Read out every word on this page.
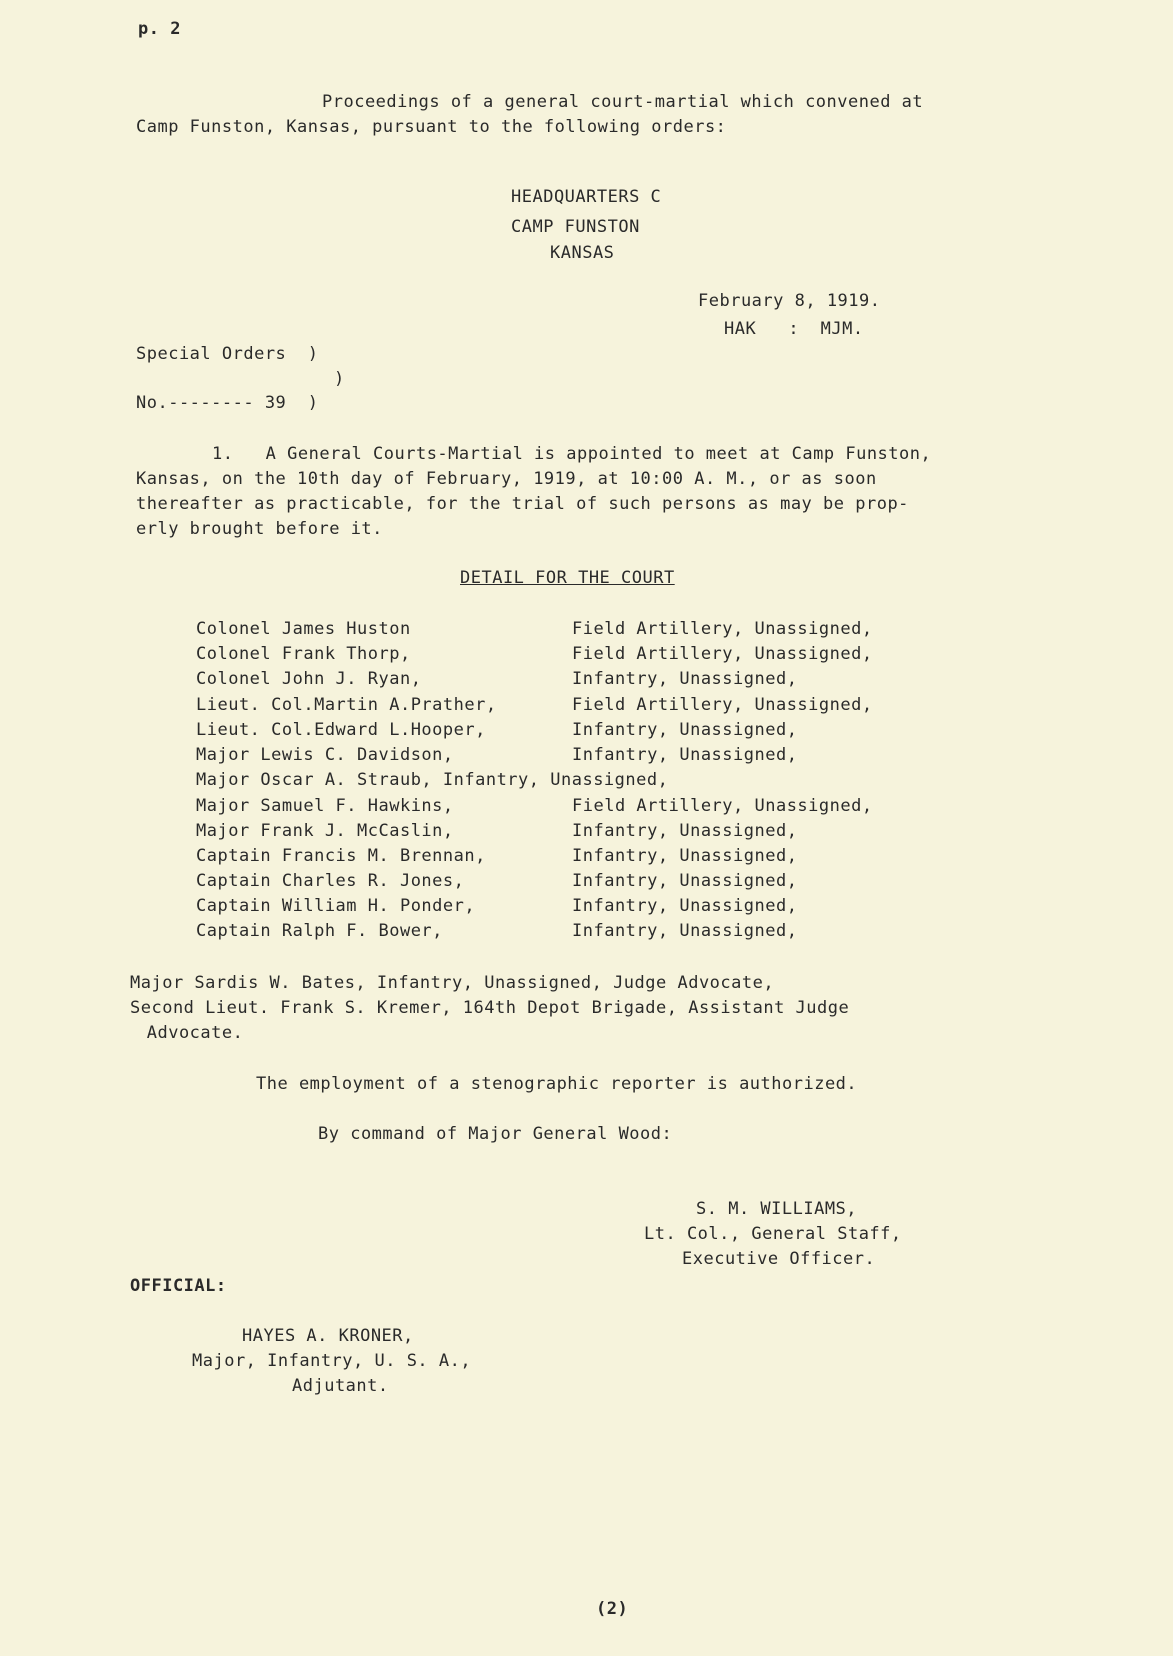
p. 2
Proceedings of a general court-martial which convened at
Camp Funston, Kansas, pursuant to the following orders:
HEADQUARTERS C
CAMP FUNSTON
KANSAS
February 8, 1919.
HAK   :  MJM.
Special Orders  )
)
No.-------- 39  )
1.   A General Courts-Martial is appointed to meet at Camp Funston,
Kansas, on the 10th day of February, 1919, at 10:00 A. M., or as soon
thereafter as practicable, for the trial of such persons as may be prop-
erly brought before it.
DETAIL FOR THE COURT
Colonel James Huston	Field Artillery, Unassigned,
Colonel Frank Thorp,	Field Artillery, Unassigned,
Colonel John J. Ryan,	Infantry, Unassigned,
Lieut. Col.Martin A.Prather,	Field Artillery, Unassigned,
Lieut. Col.Edward L.Hooper,	Infantry, Unassigned,
Major Lewis C. Davidson,	Infantry, Unassigned,
Major Oscar A. Straub, Infantry, Unassigned,
Major Samuel F. Hawkins,	Field Artillery, Unassigned,
Major Frank J. McCaslin,	Infantry, Unassigned,
Captain Francis M. Brennan,	Infantry, Unassigned,
Captain Charles R. Jones,	Infantry, Unassigned,
Captain William H. Ponder,	Infantry, Unassigned,
Captain Ralph F. Bower,	Infantry, Unassigned,
Major Sardis W. Bates, Infantry, Unassigned, Judge Advocate,
Second Lieut. Frank S. Kremer, 164th Depot Brigade, Assistant Judge
Advocate.
The employment of a stenographic reporter is authorized.
By command of Major General Wood:
S. M. WILLIAMS,
Lt. Col., General Staff,
Executive Officer.
OFFICIAL:
HAYES A. KRONER,
Major, Infantry, U. S. A.,
Adjutant.
(2)
